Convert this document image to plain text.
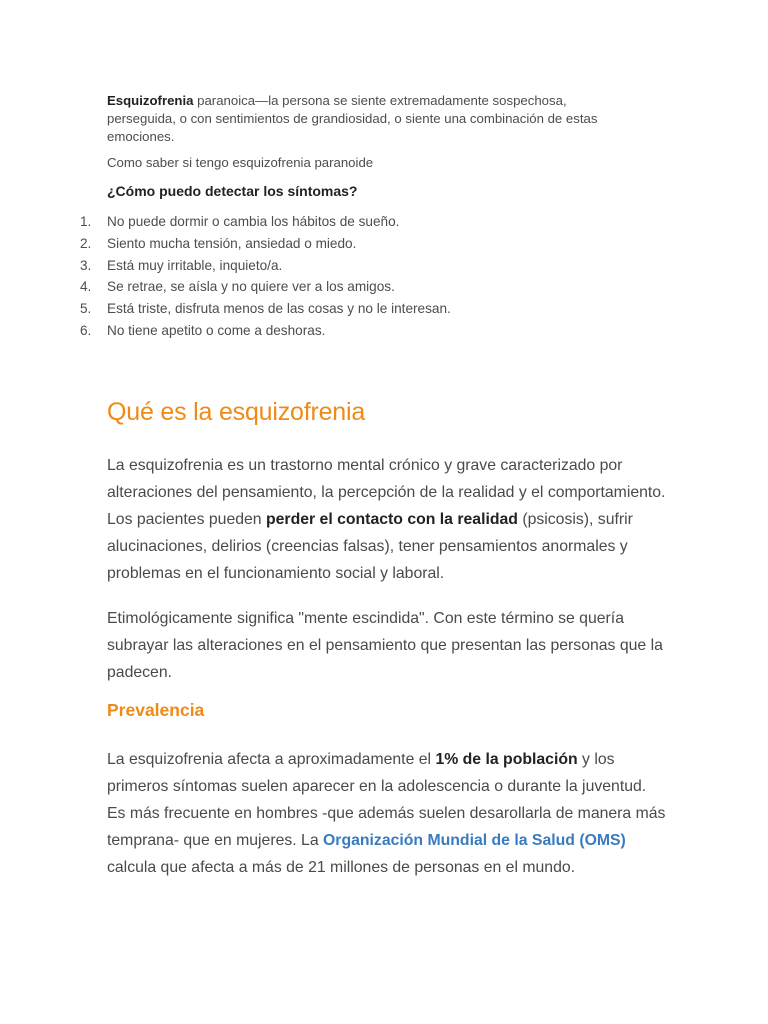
Esquizofrenia paranoica—la persona se siente extremadamente sospechosa, perseguida, o con sentimientos de grandiosidad, o siente una combinación de estas emociones.

Como saber si tengo esquizofrenia paranoide

¿Cómo puedo detectar los síntomas?

1.	No puede dormir o cambia los hábitos de sueño.
2.	Siento mucha tensión, ansiedad o miedo.
3.	Está muy irritable, inquieto/a.
4.	Se retrae, se aísla y no quiere ver a los amigos.
5.	Está triste, disfruta menos de las cosas y no le interesan.
6.	No tiene apetito o come a deshoras.
Qué es la esquizofrenia

La esquizofrenia es un trastorno mental crónico y grave caracterizado por alteraciones del pensamiento, la percepción de la realidad y el comportamiento. Los pacientes pueden perder el contacto con la realidad (psicosis), sufrir alucinaciones, delirios (creencias falsas), tener pensamientos anormales y problemas en el funcionamiento social y laboral.

Etimológicamente significa "mente escindida". Con este término se quería subrayar las alteraciones en el pensamiento que presentan las personas que la padecen.

Prevalencia

La esquizofrenia afecta a aproximadamente el 1% de la población y los primeros síntomas suelen aparecer en la adolescencia o durante la juventud. Es más frecuente en hombres -que además suelen desarollarla de manera más temprana- que en mujeres. La Organización Mundial de la Salud (OMS) calcula que afecta a más de 21 millones de personas en el mundo.
